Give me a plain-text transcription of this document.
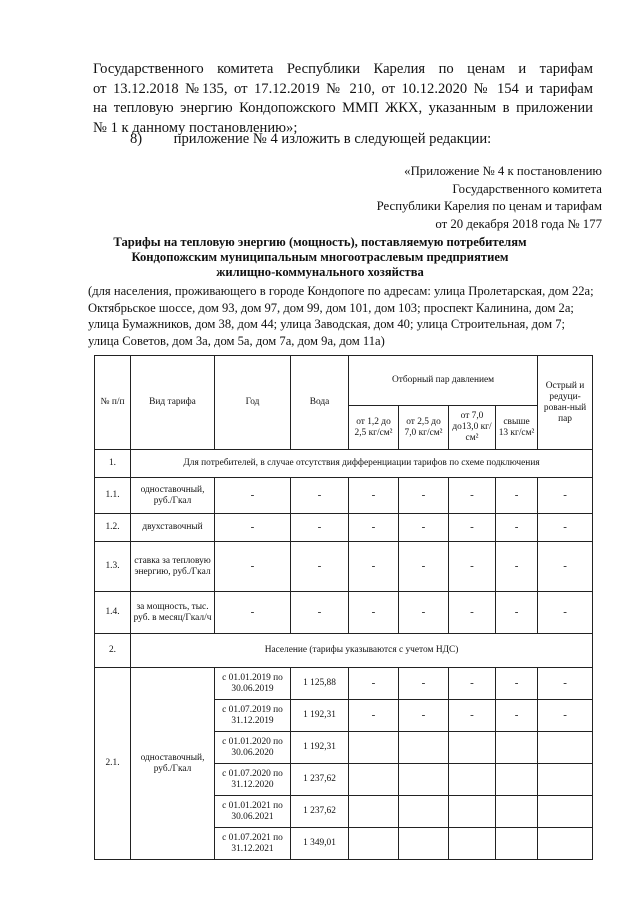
Государственного комитета Республики Карелия по ценам и тарифам
от 13.12.2018 №135, от 17.12.2019 № 210, от 10.12.2020 № 154 и тарифам
на тепловую энергию Кондопожского ММП ЖКХ, указанным в приложении
№ 1 к данному постановлению»;
8) приложение № 4 изложить в следующей редакции:
«Приложение № 4 к постановлению
Государственного комитета
Республики Карелия по ценам и тарифам
от 20 декабря 2018 года № 177
Тарифы на тепловую энергию (мощность), поставляемую потребителям
Кондопожским муниципальным многоотраслевым предприятием
жилищно-коммунального хозяйства
(для населения, проживающего в городе Кондопоге по адресам: улица Пролетарская, дом 22а; Октябрьское шоссе, дом 93, дом 97, дом 99, дом 101, дом 103; проспект Калинина, дом 2а; улица Бумажников, дом 38, дом 44; улица Заводская, дом 40; улица Строительная, дом 7; улица Советов, дом 3а, дом 5а, дом 7а, дом 9а, дом 11а)
№ п/п	Вид тарифа	Год	Вода	Отборный пар давлением				Острый и редуци-рован-ный пар
				от 1,2 до 2,5 кг/см²	от 2,5 до 7,0 кг/см²	от 7,0 до13,0 кг/см²	свыше 13 кг/см²	
1.	Для потребителей, в случае отсутствия дифференциации тарифов по схеме подключения							
1.1.	одноставочный, руб./Гкал	-	-	-	-	-	-	-
1.2.	двухставочный	-	-	-	-	-	-	-
1.3.	ставка за тепловую энергию, руб./Гкал	-	-	-	-	-	-	-
1.4.	за мощность, тыс. руб. в месяц/Гкал/ч	-	-	-	-	-	-	-
2.	Население (тарифы указываются с учетом НДС)							
2.1.	одноставочный, руб./Гкал	с 01.01.2019 по 30.06.2019	1 125,88	-	-	-	-	-
		с 01.07.2019 по 31.12.2019	1 192,31	-	-	-	-	-
		с 01.01.2020 по 30.06.2020	1 192,31					
		с 01.07.2020 по 31.12.2020	1 237,62					
		с 01.01.2021 по 30.06.2021	1 237,62					
		с 01.07.2021 по 31.12.2021	1 349,01					
